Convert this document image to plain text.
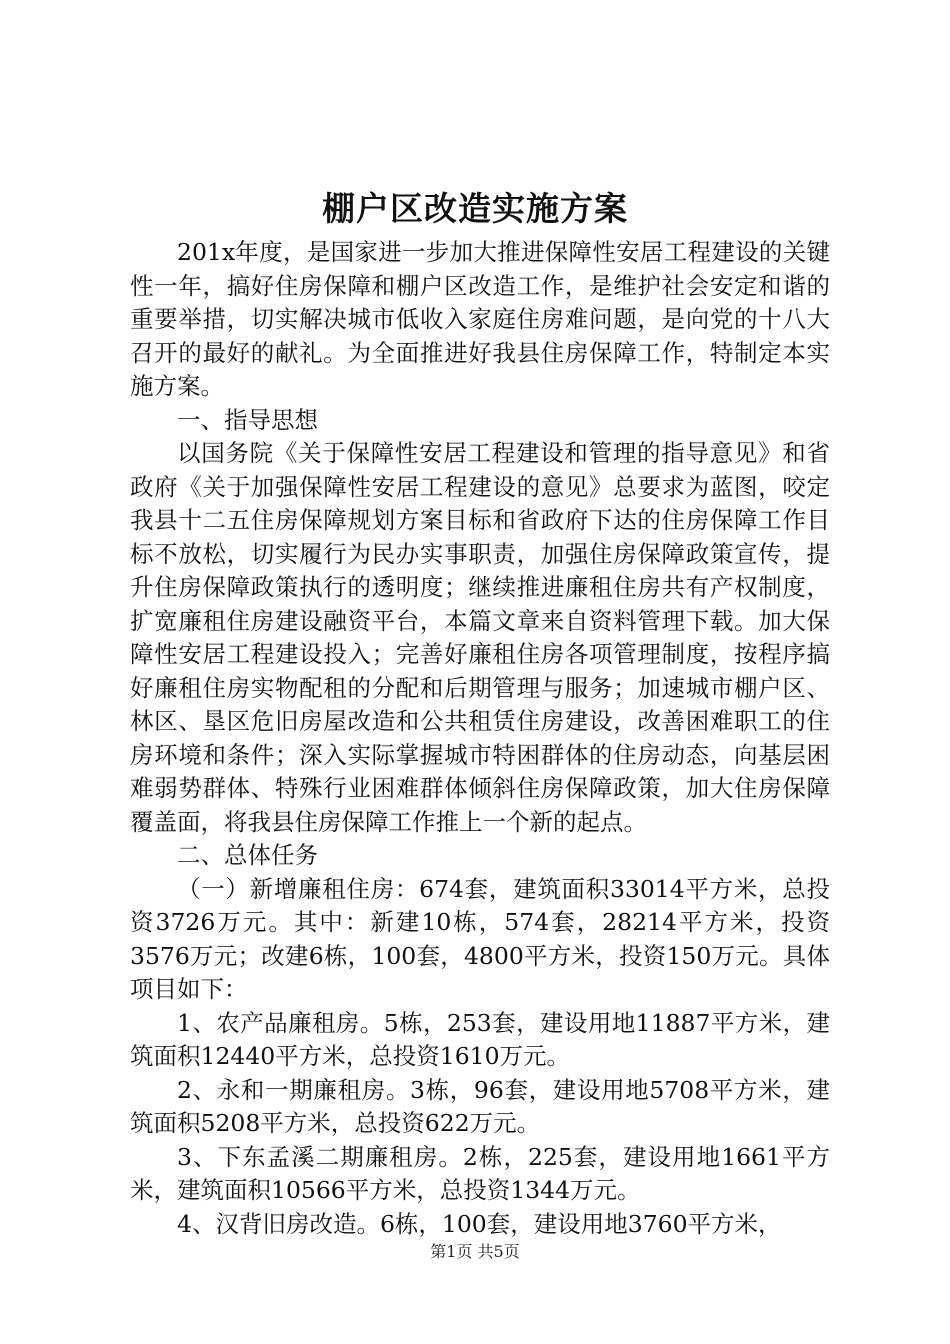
棚户区改造实施方案

201x年度，是国家进一步加大推进保障性安居工程建设的关键性一年，搞好住房保障和棚户区改造工作，是维护社会安定和谐的重要举措，切实解决城市低收入家庭住房难问题，是向党的十八大召开的最好的献礼。为全面推进好我县住房保障工作，特制定本实施方案。

一、指导思想

以国务院《关于保障性安居工程建设和管理的指导意见》和省政府《关于加强保障性安居工程建设的意见》总要求为蓝图，咬定我县十二五住房保障规划方案目标和省政府下达的住房保障工作目标不放松，切实履行为民办实事职责，加强住房保障政策宣传，提升住房保障政策执行的透明度；继续推进廉租住房共有产权制度，扩宽廉租住房建设融资平台，本篇文章来自资料管理下载。加大保障性安居工程建设投入；完善好廉租住房各项管理制度，按程序搞好廉租住房实物配租的分配和后期管理与服务；加速城市棚户区、林区、垦区危旧房屋改造和公共租赁住房建设，改善困难职工的住房环境和条件；深入实际掌握城市特困群体的住房动态，向基层困难弱势群体、特殊行业困难群体倾斜住房保障政策，加大住房保障覆盖面，将我县住房保障工作推上一个新的起点。

二、总体任务

（一）新增廉租住房：674套，建筑面积33014平方米，总投资3726万元。其中：新建10栋，574套，28214平方米，投资3576万元；改建6栋，100套，4800平方米，投资150万元。具体项目如下：

1、农产品廉租房。5栋，253套，建设用地11887平方米，建筑面积12440平方米，总投资1610万元。

2、永和一期廉租房。3栋，96套，建设用地5708平方米，建筑面积5208平方米，总投资622万元。

3、下东孟溪二期廉租房。2栋，225套，建设用地1661平方米，建筑面积10566平方米，总投资1344万元。

4、汉背旧房改造。6栋，100套，建设用地3760平方米，

第1页 共5页
